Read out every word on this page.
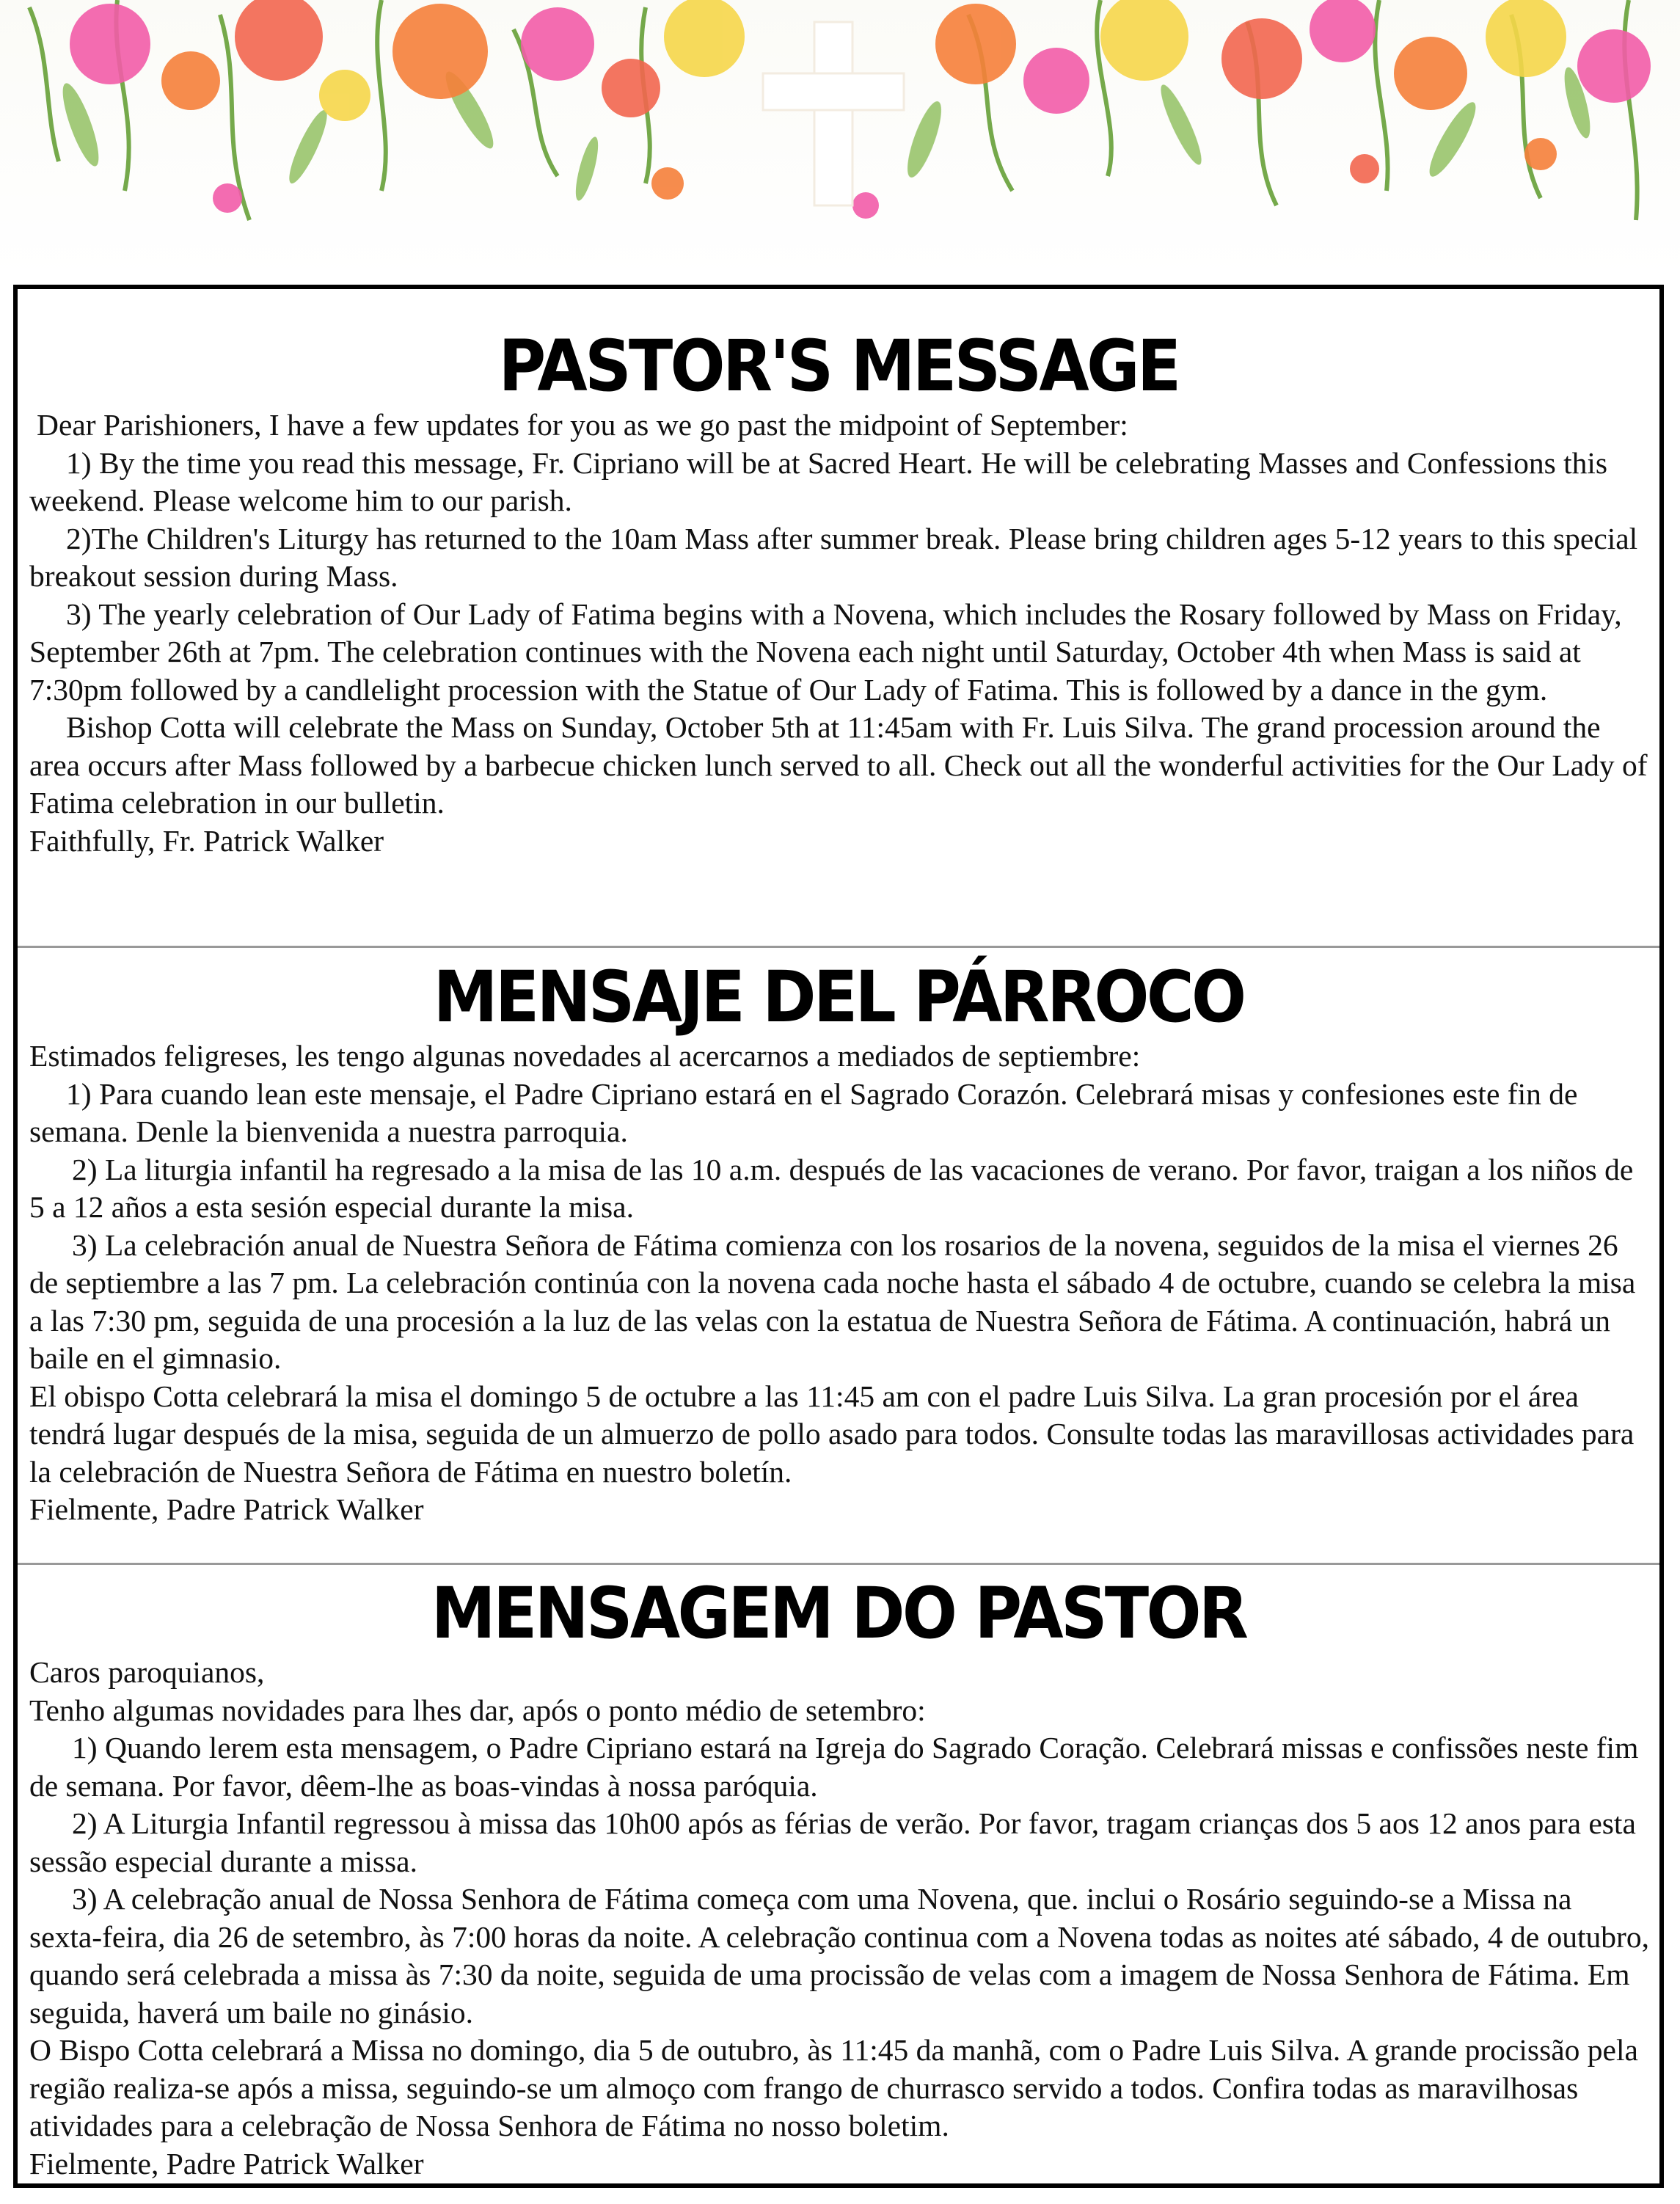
PASTOR'S MESSAGE

Dear Parishioners, I have a few updates for you as we go past the midpoint of September:

1) By the time you read this message, Fr. Cipriano will be at Sacred Heart. He will be celebrating Masses and Confessions this weekend. Please welcome him to our parish.

2)The Children's Liturgy has returned to the 10am Mass after summer break. Please bring children ages 5-12 years to this special breakout session during Mass.

3) The yearly celebration of Our Lady of Fatima begins with a Novena, which includes the Rosary followed by Mass on Friday, September 26th at 7pm. The celebration continues with the Novena each night until Saturday, October 4th when Mass is said at 7:30pm followed by a candlelight procession with the Statue of Our Lady of Fatima. This is followed by a dance in the gym.

Bishop Cotta will celebrate the Mass on Sunday, October 5th at 11:45am with Fr. Luis Silva. The grand procession around the area occurs after Mass followed by a barbecue chicken lunch served to all. Check out all the wonderful activities for the Our Lady of Fatima celebration in our bulletin.

Faithfully, Fr. Patrick Walker

MENSAJE DEL PÁRROCO

Estimados feligreses, les tengo algunas novedades al acercarnos a mediados de septiembre:

1) Para cuando lean este mensaje, el Padre Cipriano estará en el Sagrado Corazón. Celebrará misas y confesiones este fin de semana. Denle la bienvenida a nuestra parroquia.

2) La liturgia infantil ha regresado a la misa de las 10 a.m. después de las vacaciones de verano. Por favor, traigan a los niños de 5 a 12 años a esta sesión especial durante la misa.

3) La celebración anual de Nuestra Señora de Fátima comienza con los rosarios de la novena, seguidos de la misa el viernes 26 de septiembre a las 7 pm. La celebración continúa con la novena cada noche hasta el sábado 4 de octubre, cuando se celebra la misa a las 7:30 pm, seguida de una procesión a la luz de las velas con la estatua de Nuestra Señora de Fátima. A continuación, habrá un baile en el gimnasio.

El obispo Cotta celebrará la misa el domingo 5 de octubre a las 11:45 am con el padre Luis Silva. La gran procesión por el área tendrá lugar después de la misa, seguida de un almuerzo de pollo asado para todos. Consulte todas las maravillosas actividades para la celebración de Nuestra Señora de Fátima en nuestro boletín.

Fielmente, Padre Patrick Walker

MENSAGEM DO PASTOR

Caros paroquianos,

Tenho algumas novidades para lhes dar, após o ponto médio de setembro:

1) Quando lerem esta mensagem, o Padre Cipriano estará na Igreja do Sagrado Coração. Celebrará missas e confissões neste fim de semana. Por favor, dêem-lhe as boas-vindas à nossa paróquia.

2) A Liturgia Infantil regressou à missa das 10h00 após as férias de verão. Por favor, tragam crianças dos 5 aos 12 anos para esta sessão especial durante a missa.

3) A celebração anual de Nossa Senhora de Fátima começa com uma Novena, que. inclui o Rosário seguindo-se a Missa na sexta-feira, dia 26 de setembro, às 7:00 horas da noite. A celebração continua com a Novena todas as noites até sábado, 4 de outubro, quando será celebrada a missa às 7:30 da noite, seguida de uma procissão de velas com a imagem de Nossa Senhora de Fátima. Em seguida, haverá um baile no ginásio.

O Bispo Cotta celebrará a Missa no domingo, dia 5 de outubro, às 11:45 da manhã, com o Padre Luis Silva. A grande procissão pela região realiza-se após a missa, seguindo-se um almoço com frango de churrasco servido a todos. Confira todas as maravilhosas atividades para a celebração de Nossa Senhora de Fátima no nosso boletim.

Fielmente, Padre Patrick Walker
